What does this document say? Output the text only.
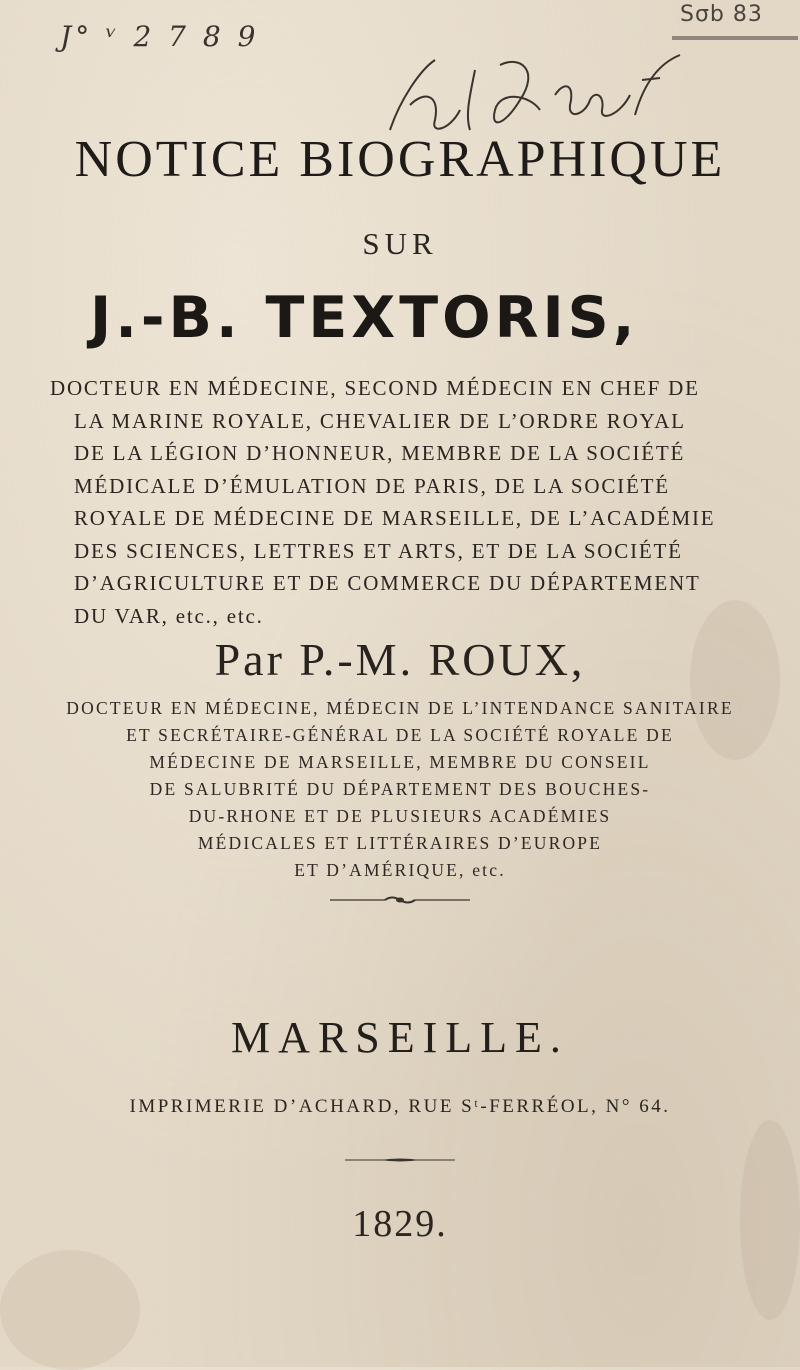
J° ᵛ 2 7 8 9
Sσb 83
NOTICE BIOGRAPHIQUE
SUR
J.-B. TEXTORIS,
DOCTEUR EN MÉDECINE, SECOND MÉDECIN EN CHEF DE
LA MARINE ROYALE, CHEVALIER DE L’ORDRE ROYAL
DE LA LÉGION D’HONNEUR, MEMBRE DE LA SOCIÉTÉ
MÉDICALE D’ÉMULATION DE PARIS, DE LA SOCIÉTÉ
ROYALE DE MÉDECINE DE MARSEILLE, DE L’ACADÉMIE
DES SCIENCES, LETTRES ET ARTS, ET DE LA SOCIÉTÉ
D’AGRICULTURE ET DE COMMERCE DU DÉPARTEMENT
DU VAR, etc., etc.
Par P.-M. ROUX,
DOCTEUR EN MÉDECINE, MÉDECIN DE L’INTENDANCE SANITAIRE
ET SECRÉTAIRE-GÉNÉRAL DE LA SOCIÉTÉ ROYALE DE
MÉDECINE DE MARSEILLE, MEMBRE DU CONSEIL
DE SALUBRITÉ DU DÉPARTEMENT DES BOUCHES-
DU-RHONE ET DE PLUSIEURS ACADÉMIES
MÉDICALES ET LITTÉRAIRES D’EUROPE
ET D’AMÉRIQUE, etc.
MARSEILLE.
IMPRIMERIE D’ACHARD, RUE Sᵗ-FERRÉOL, N° 64.
1829.
